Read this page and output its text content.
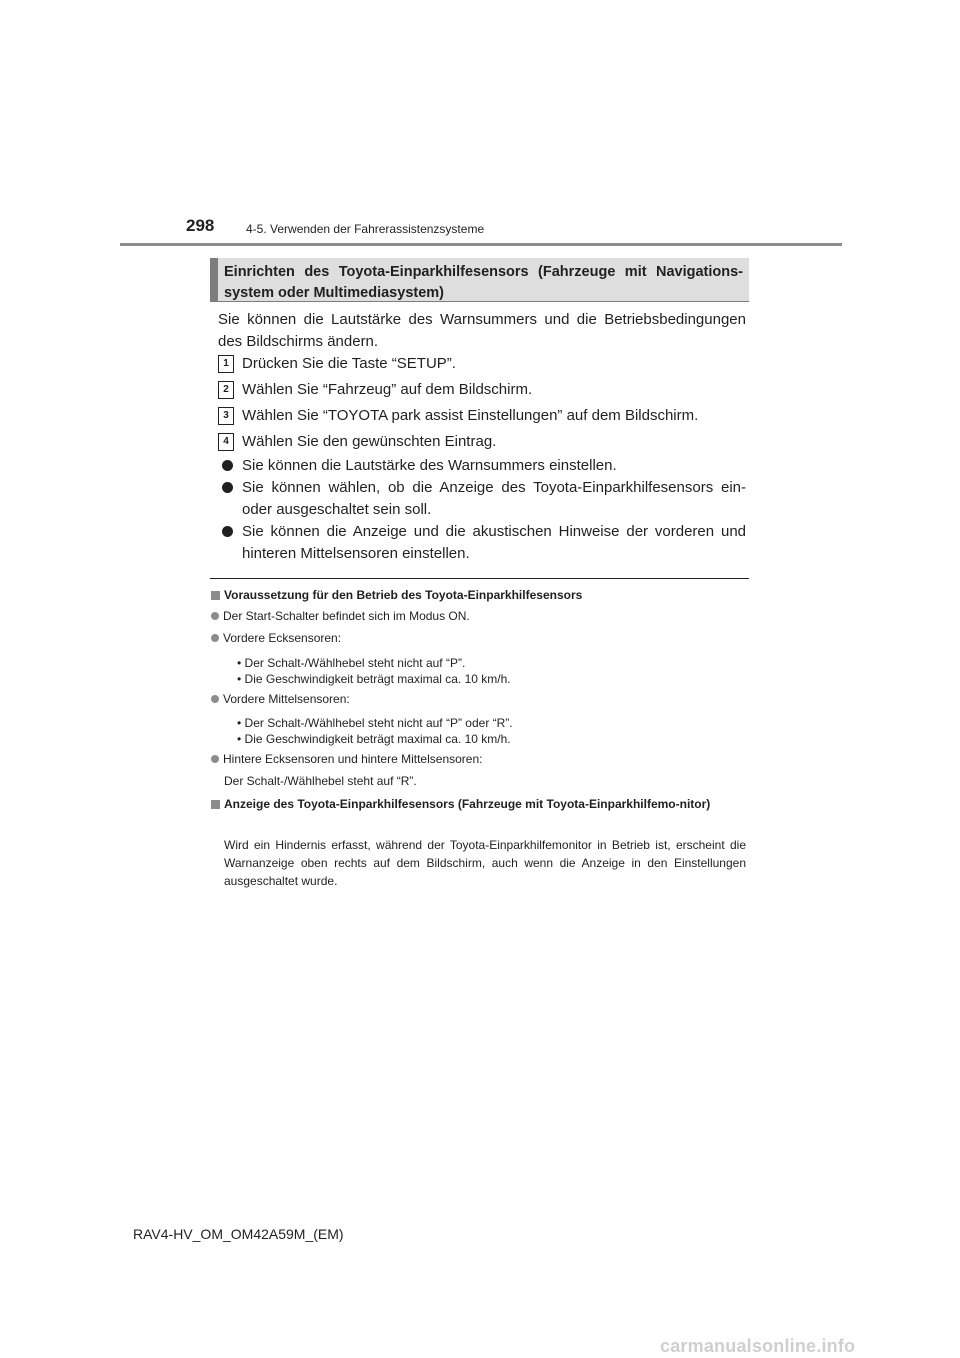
298	4-5. Verwenden der Fahrerassistenzsysteme
Einrichten des Toyota-Einparkhilfesensors (Fahrzeuge mit Navigations-system oder Multimediasystem)
Sie können die Lautstärke des Warnsummers und die Betriebsbedingungen des Bildschirms ändern.
1 Drücken Sie die Taste “SETUP”.
2 Wählen Sie “Fahrzeug” auf dem Bildschirm.
3 Wählen Sie “TOYOTA park assist Einstellungen” auf dem Bildschirm.
4 Wählen Sie den gewünschten Eintrag.
Sie können die Lautstärke des Warnsummers einstellen.
Sie können wählen, ob die Anzeige des Toyota-Einparkhilfesensors ein- oder ausgeschaltet sein soll.
Sie können die Anzeige und die akustischen Hinweise der vorderen und hinteren Mittelsensoren einstellen.
Voraussetzung für den Betrieb des Toyota-Einparkhilfesensors
Der Start-Schalter befindet sich im Modus ON.
Vordere Ecksensoren:
• Der Schalt-/Wählhebel steht nicht auf “P”.
• Die Geschwindigkeit beträgt maximal ca. 10 km/h.
Vordere Mittelsensoren:
• Der Schalt-/Wählhebel steht nicht auf “P” oder “R”.
• Die Geschwindigkeit beträgt maximal ca. 10 km/h.
Hintere Ecksensoren und hintere Mittelsensoren:
Der Schalt-/Wählhebel steht auf “R”.
Anzeige des Toyota-Einparkhilfesensors (Fahrzeuge mit Toyota-Einparkhilfemo-nitor)
Wird ein Hindernis erfasst, während der Toyota-Einparkhilfemonitor in Betrieb ist, erscheint die Warnanzeige oben rechts auf dem Bildschirm, auch wenn die Anzeige in den Einstellungen ausgeschaltet wurde.
RAV4-HV_OM_OM42A59M_(EM)
carmanualsonline.info
